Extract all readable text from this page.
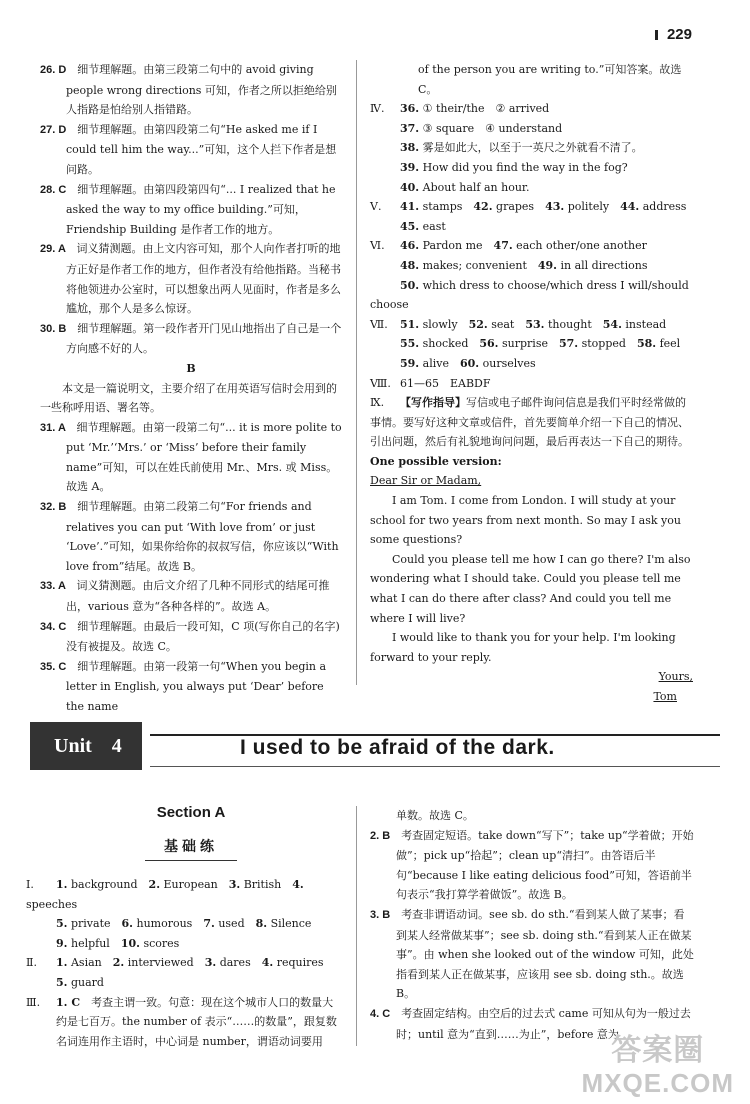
229

26. D　细节理解题。由第三段第二句中的 avoid giving people wrong directions 可知，作者之所以拒绝给别人指路是怕给别人指错路。

27. D　细节理解题。由第四段第二句“He asked me if I could tell him the way...”可知，这个人拦下作者是想问路。

28. C　细节理解题。由第四段第四句“... I realized that he asked the way to my office building.”可知，Friendship Building 是作者工作的地方。

29. A　词义猜测题。由上文内容可知，那个人向作者打听的地方正好是作者工作的地方，但作者没有给他指路。当秘书将他领进办公室时，可以想象出两人见面时，作者是多么尴尬，那个人是多么惊讶。

30. B　细节理解题。第一段作者开门见山地指出了自己是一个方向感不好的人。

B

本文是一篇说明文，主要介绍了在用英语写信时会用到的一些称呼用语、署名等。

31. A　细节理解题。由第一段第二句“... it is more polite to put ‘Mr.’‘Mrs.’ or ‘Miss’ before their family name”可知，可以在姓氏前使用 Mr.、Mrs. 或 Miss。故选 A。

32. B　细节理解题。由第二段第二句“For friends and relatives you can put ‘With love from’ or just ‘Love’.”可知，如果你给你的叔叔写信，你应该以“With love from”结尾。故选 B。

33. A　词义猜测题。由后文介绍了几种不同形式的结尾可推出，various 意为“各种各样的”。故选 A。

34. C　细节理解题。由最后一段可知，C 项(写你自己的名字)没有被提及。故选 C。

35. C　细节理解题。由第一段第一句“When you begin a letter in English, you always put ‘Dear’ before the name

of the person you are writing to.”可知答案。故选 C。

Ⅳ. 36. ① their/the　② arrived

37. ③ square　④ understand

38. 雾是如此大，以至于一英尺之外就看不清了。

39. How did you find the way in the fog?

40. About half an hour.

Ⅴ. 41. stamps　42. grapes　43. politely　44. address

45. east

Ⅵ. 46. Pardon me　47. each other/one another

48. makes; convenient　49. in all directions

50. which dress to choose/which dress I will/should choose

Ⅶ. 51. slowly　52. seat　53. thought　54. instead

55. shocked　56. surprise　57. stopped　58. feel

59. alive　60. ourselves

Ⅷ. 61—65　EABDF

Ⅸ. 【写作指导】写信或电子邮件询问信息是我们平时经常做的事情。要写好这种文章或信件，首先要简单介绍一下自己的情况、引出问题，然后有礼貌地询问问题，最后再表达一下自己的期待。

One possible version:

Dear Sir or Madam,

I am Tom. I come from London. I will study at your school for two years from next month. So may I ask you some questions?

Could you please tell me how I can go there? I'm also wondering what I should take. Could you please tell me what I can do there after class? And could you tell me where I will live?

I would like to thank you for your help. I'm looking forward to your reply.

Yours,

Tom

Unit　4	I used to be afraid of the dark.
Section A
基础练

Ⅰ. 1. background　2. European　3. British　4. speeches

5. private　6. humorous　7. used　8. Silence

9. helpful　10. scores

Ⅱ. 1. Asian　2. interviewed　3. dares　4. requires

5. guard

Ⅲ. 1. C　考查主谓一致。句意：现在这个城市人口的数量大约是七百万。the number of 表示“……的数量”，跟复数名词连用作主语时，中心词是 number，谓语动词要用

单数。故选 C。

2. B　考查固定短语。take down“写下”；take up“学着做；开始做”；pick up“拾起”；clean up“清扫”。由答语后半句“because I like eating delicious food”可知，答语前半句表示“我打算学着做饭”。故选 B。

3. B　考查非谓语动词。see sb. do sth.“看到某人做了某事；看到某人经常做某事”；see sb. doing sth.“看到某人正在做某事”。由 when she looked out of the window 可知，此处指看到某人正在做某事，应该用 see sb. doing sth.。故选 B。

4. C　考查固定结构。由空后的过去式 came 可知从句为一般过去时；until 意为“直到……为止”，before 意为

答案圈
MXQE.COM
